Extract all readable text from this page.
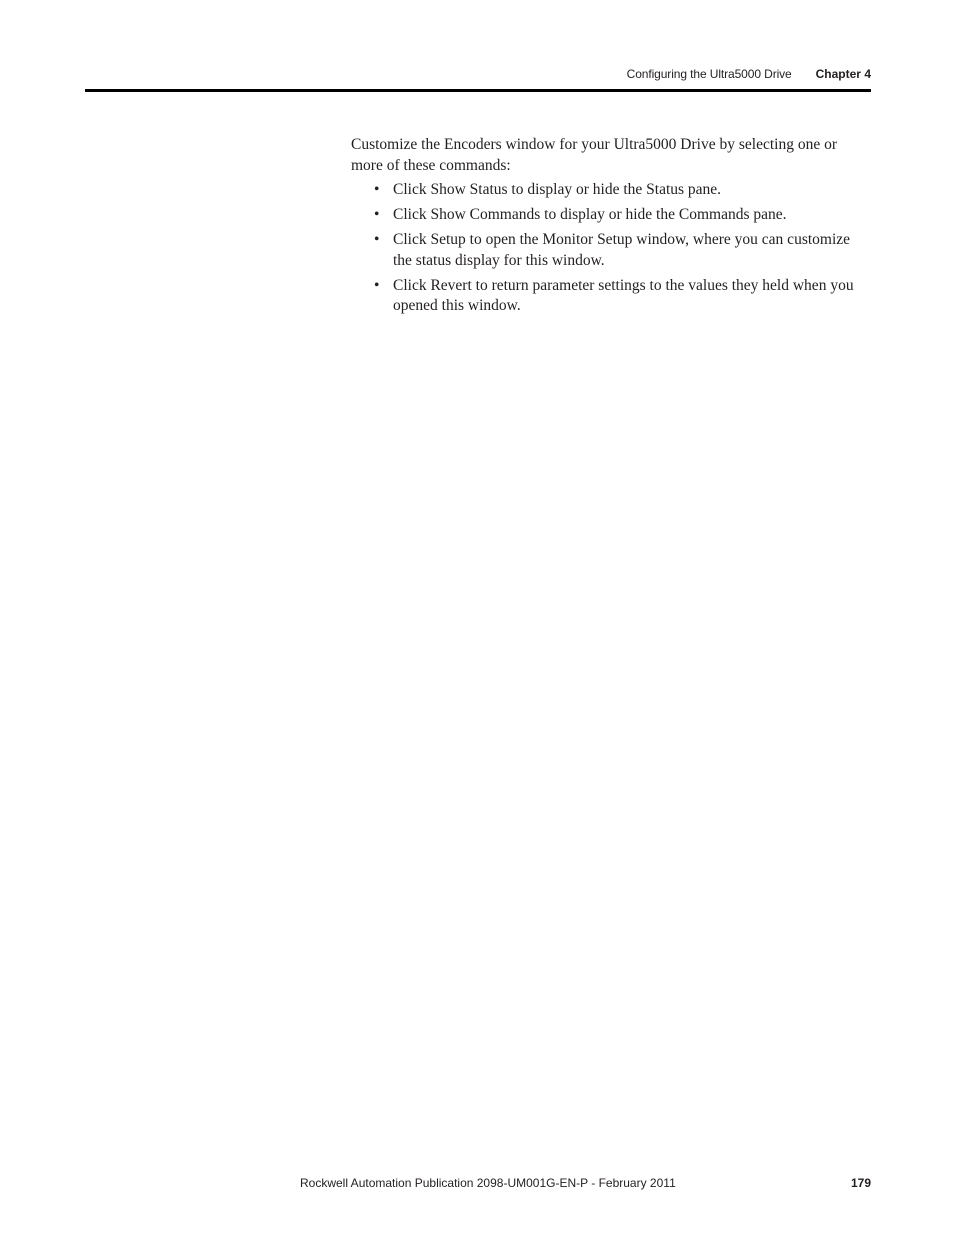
Configuring the Ultra5000 Drive Chapter 4

Customize the Encoders window for your Ultra5000 Drive by selecting one or more of these commands:

• Click Show Status to display or hide the Status pane.
• Click Show Commands to display or hide the Commands pane.
• Click Setup to open the Monitor Setup window, where you can customize the status display for this window.
• Click Revert to return parameter settings to the values they held when you opened this window.
Rockwell Automation Publication 2098-UM001G-EN-P - February 2011	179
